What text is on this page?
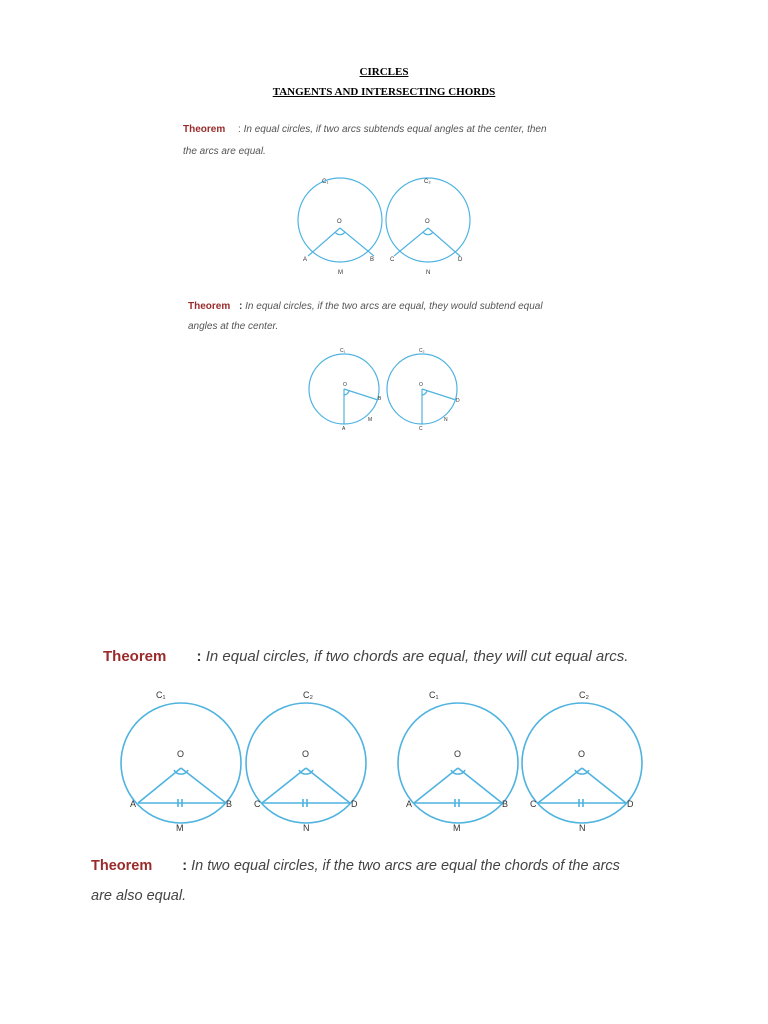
CIRCLES
TANGENTS AND INTERSECTING CHORDS
Theorem : In equal circles, if two arcs subtends equal angles at the center, then
the arcs are equal.
C₁
O
A
M
B
C₂
O
C
N
D
Theorem : In equal circles, if the two arcs are equal, they would subtend equal
angles at the center.
C₁
O
B
A
M
C₂
O
D
C
N
Theorem : In equal circles, if two chords are equal, they will cut equal arcs.
C₁
O
A	B
M
C₂
O
C	D
N
C₁
O
A	B
M
C₂
O
C	D
N
Theorem : In two equal circles, if the two arcs are equal the chords of the arcs
are also equal.
